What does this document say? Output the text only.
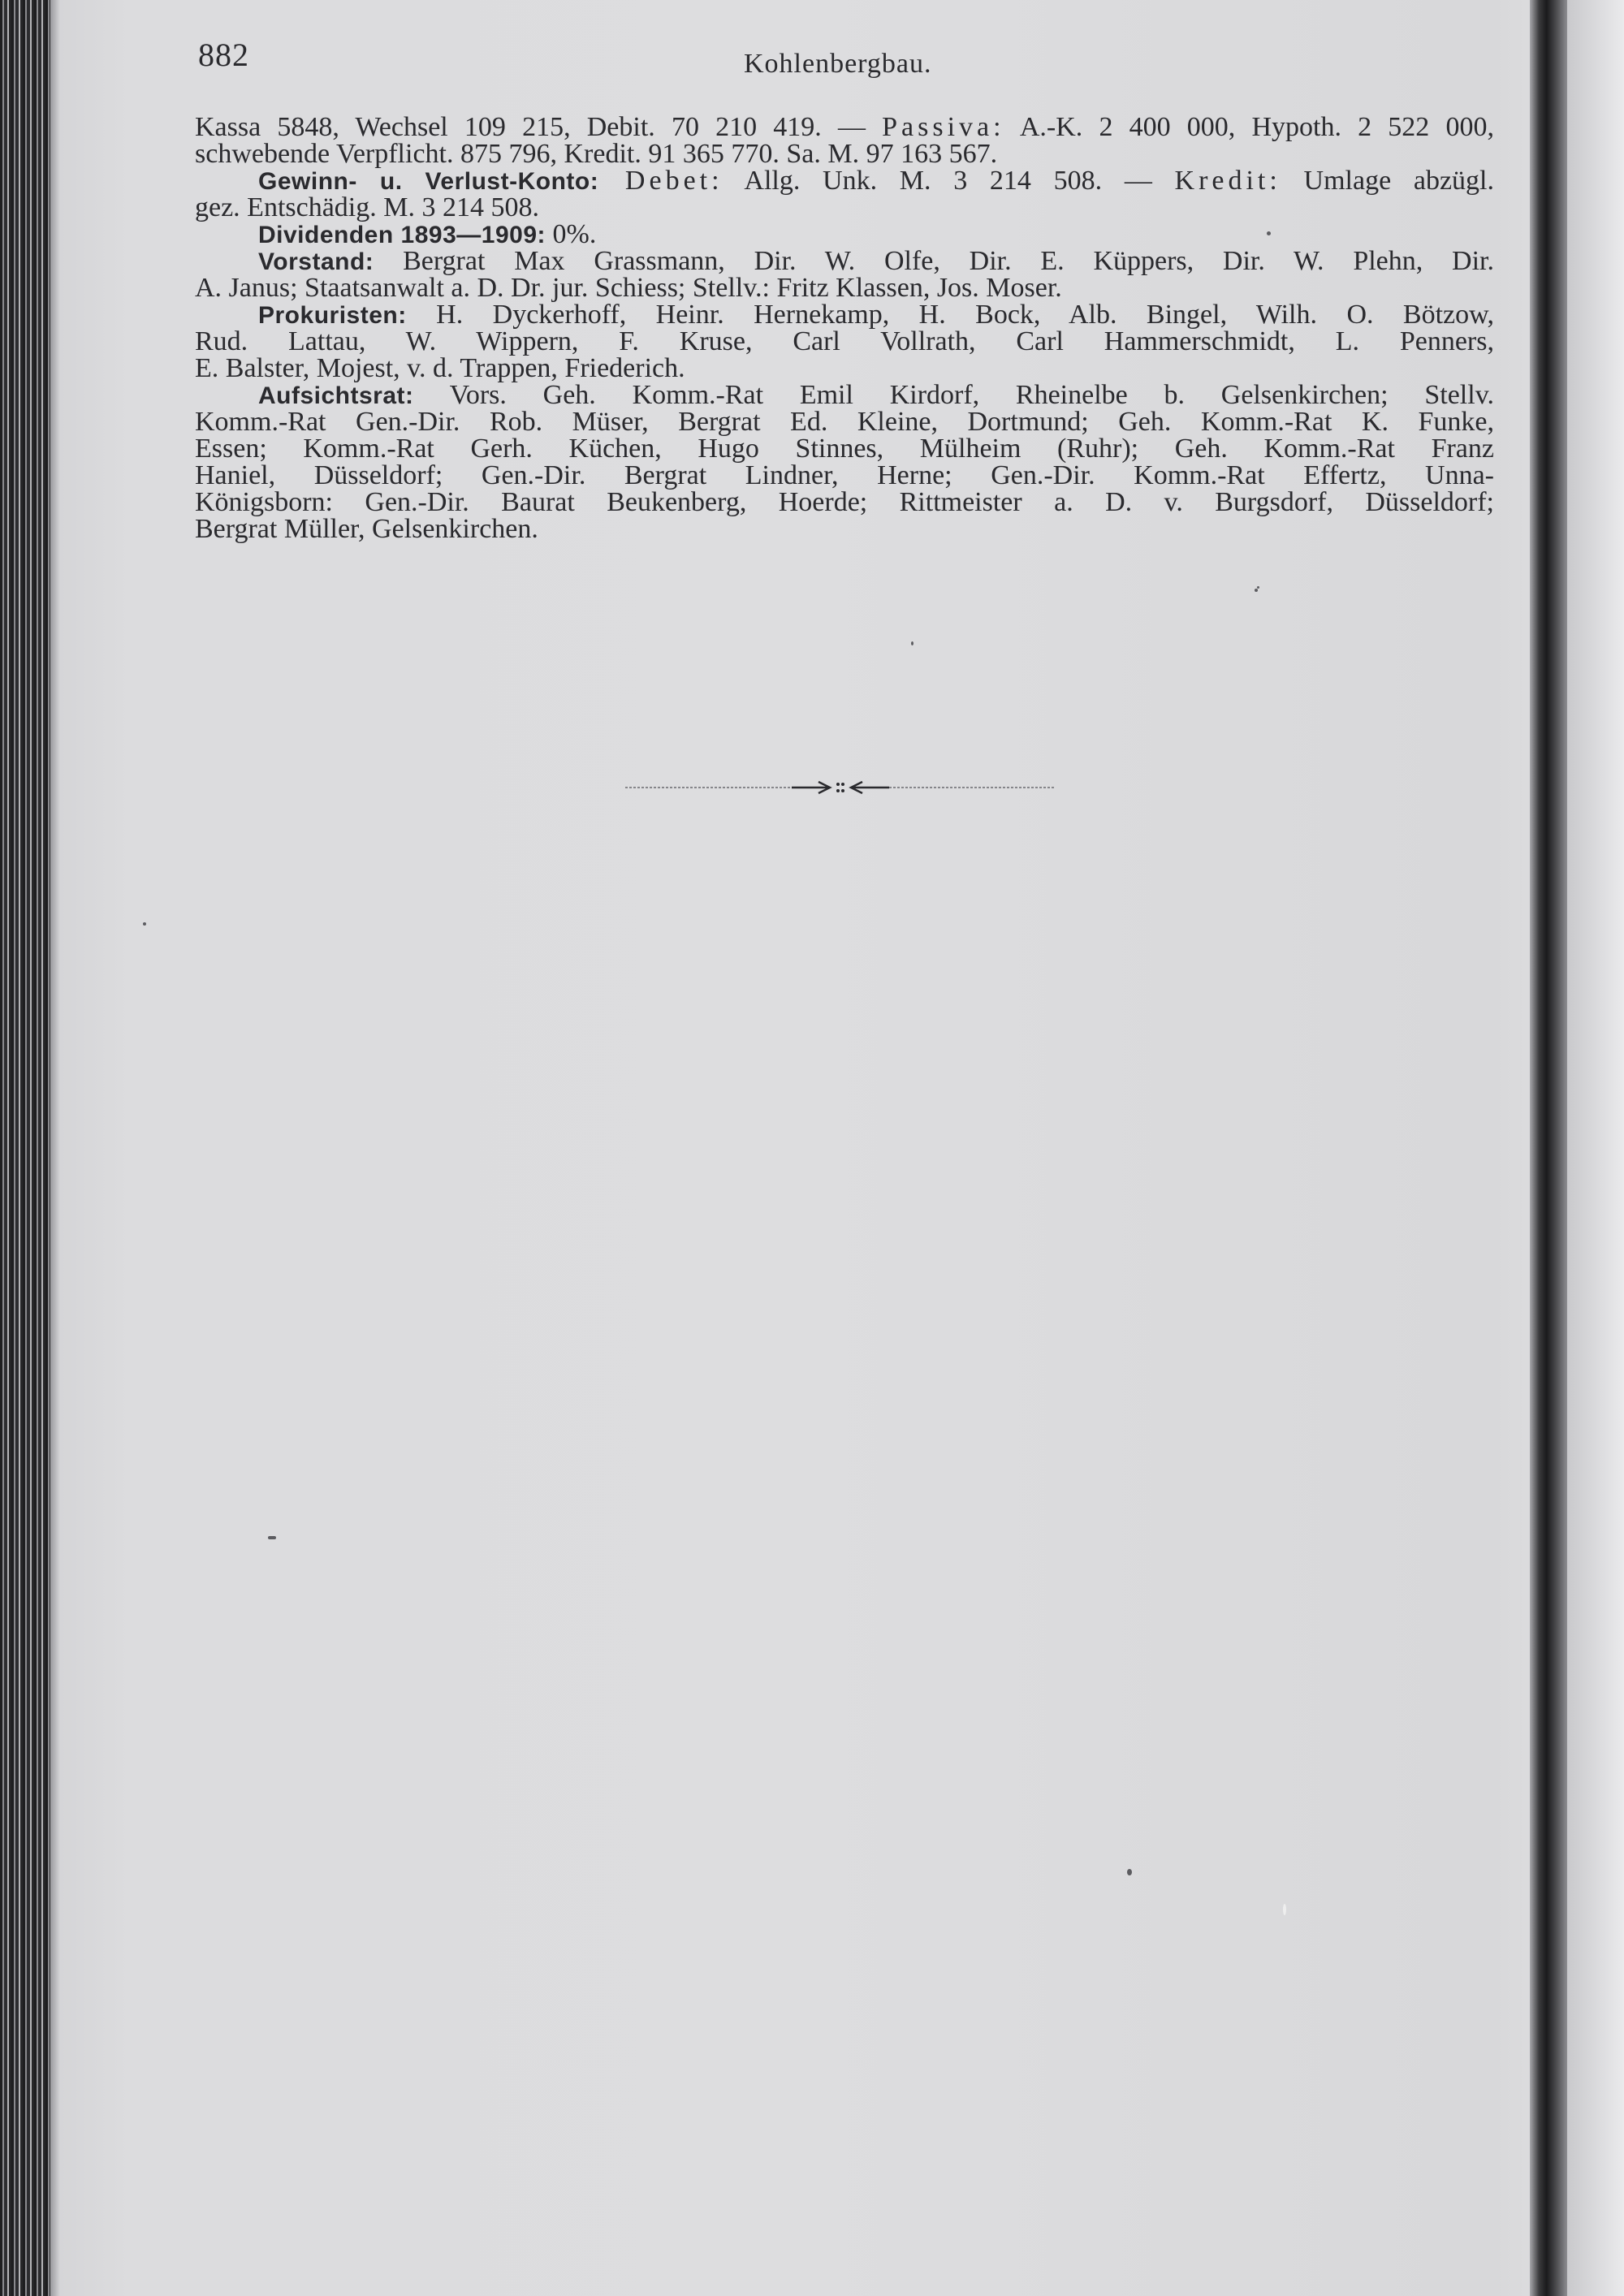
882	Kohlenbergbau.
Kassa 5848, Wechsel 109 215, Debit. 70 210 419. — Passiva: A.-K. 2 400 000, Hypoth. 2 522 000,
schwebende Verpflicht. 875 796, Kredit. 91 365 770. Sa. M. 97 163 567.
Gewinn- u. Verlust-Konto: Debet: Allg. Unk. M. 3 214 508. — Kredit: Umlage abzügl.
gez. Entschädig. M. 3 214 508.
Dividenden 1893—1909: 0%.
Vorstand: Bergrat Max Grassmann, Dir. W. Olfe, Dir. E. Küppers, Dir. W. Plehn, Dir.
A. Janus; Staatsanwalt a. D. Dr. jur. Schiess; Stellv.: Fritz Klassen, Jos. Moser.
Prokuristen: H. Dyckerhoff, Heinr. Hernekamp, H. Bock, Alb. Bingel, Wilh. O. Bötzow,
Rud. Lattau, W. Wippern, F. Kruse, Carl Vollrath, Carl Hammerschmidt, L. Penners,
E. Balster, Mojest, v. d. Trappen, Friederich.
Aufsichtsrat: Vors. Geh. Komm.-Rat Emil Kirdorf, Rheinelbe b. Gelsenkirchen; Stellv.
Komm.-Rat Gen.-Dir. Rob. Müser, Bergrat Ed. Kleine, Dortmund; Geh. Komm.-Rat K. Funke,
Essen; Komm.-Rat Gerh. Küchen, Hugo Stinnes, Mülheim (Ruhr); Geh. Komm.-Rat Franz
Haniel, Düsseldorf; Gen.-Dir. Bergrat Lindner, Herne; Gen.-Dir. Komm.-Rat Effertz, Unna-
Königsborn: Gen.-Dir. Baurat Beukenberg, Hoerde; Rittmeister a. D. v. Burgsdorf, Düsseldorf;
Bergrat Müller, Gelsenkirchen.
